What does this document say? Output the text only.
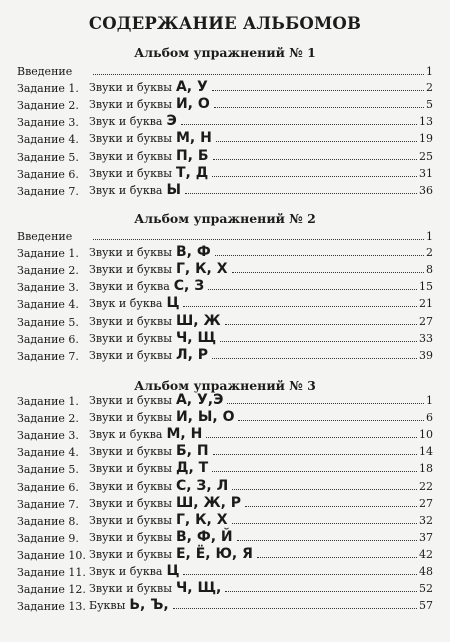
СОДЕРЖАНИЕ АЛЬБОМОВ
Альбом упражнений № 1
Введение	1
Задание 1. Звуки и буквы А, У	2
Задание 2. Звуки и буквы И, О	5
Задание 3. Звук и буква Э	13
Задание 4. Звуки и буквы М, Н	19
Задание 5. Звуки и буквы П, Б	25
Задание 6. Звуки и буквы Т, Д	31
Задание 7. Звук и буква Ы	36
Альбом упражнений № 2
Введение	1
Задание 1. Звуки и буквы В, Ф	2
Задание 2. Звуки и буквы Г, К, Х	8
Задание 3. Звуки и буква С, З	15
Задание 4. Звук и буква Ц	21
Задание 5. Звуки и буквы Ш, Ж	27
Задание 6. Звуки и буквы Ч, Щ	33
Задание 7. Звуки и буквы Л, Р	39
Альбом упражнений № 3
Задание 1. Звуки и буквы А, У,Э	1
Задание 2. Звуки и буквы И, Ы, О	6
Задание 3. Звук и буква М, Н	10
Задание 4. Звуки и буквы Б, П	14
Задание 5. Звуки и буквы Д, Т	18
Задание 6. Звуки и буквы С, З, Л	22
Задание 7. Звуки и буквы Ш, Ж, Р	27
Задание 8. Звуки и буквы Г, К, Х	32
Задание 9. Звуки и буквы В, Ф, Й	37
Задание 10. Звуки и буквы Е, Ё, Ю, Я	42
Задание 11. Звук и буква Ц	48
Задание 12. Звуки и буквы Ч, Щ,	52
Задание 13. Буквы Ь, Ъ,	57
